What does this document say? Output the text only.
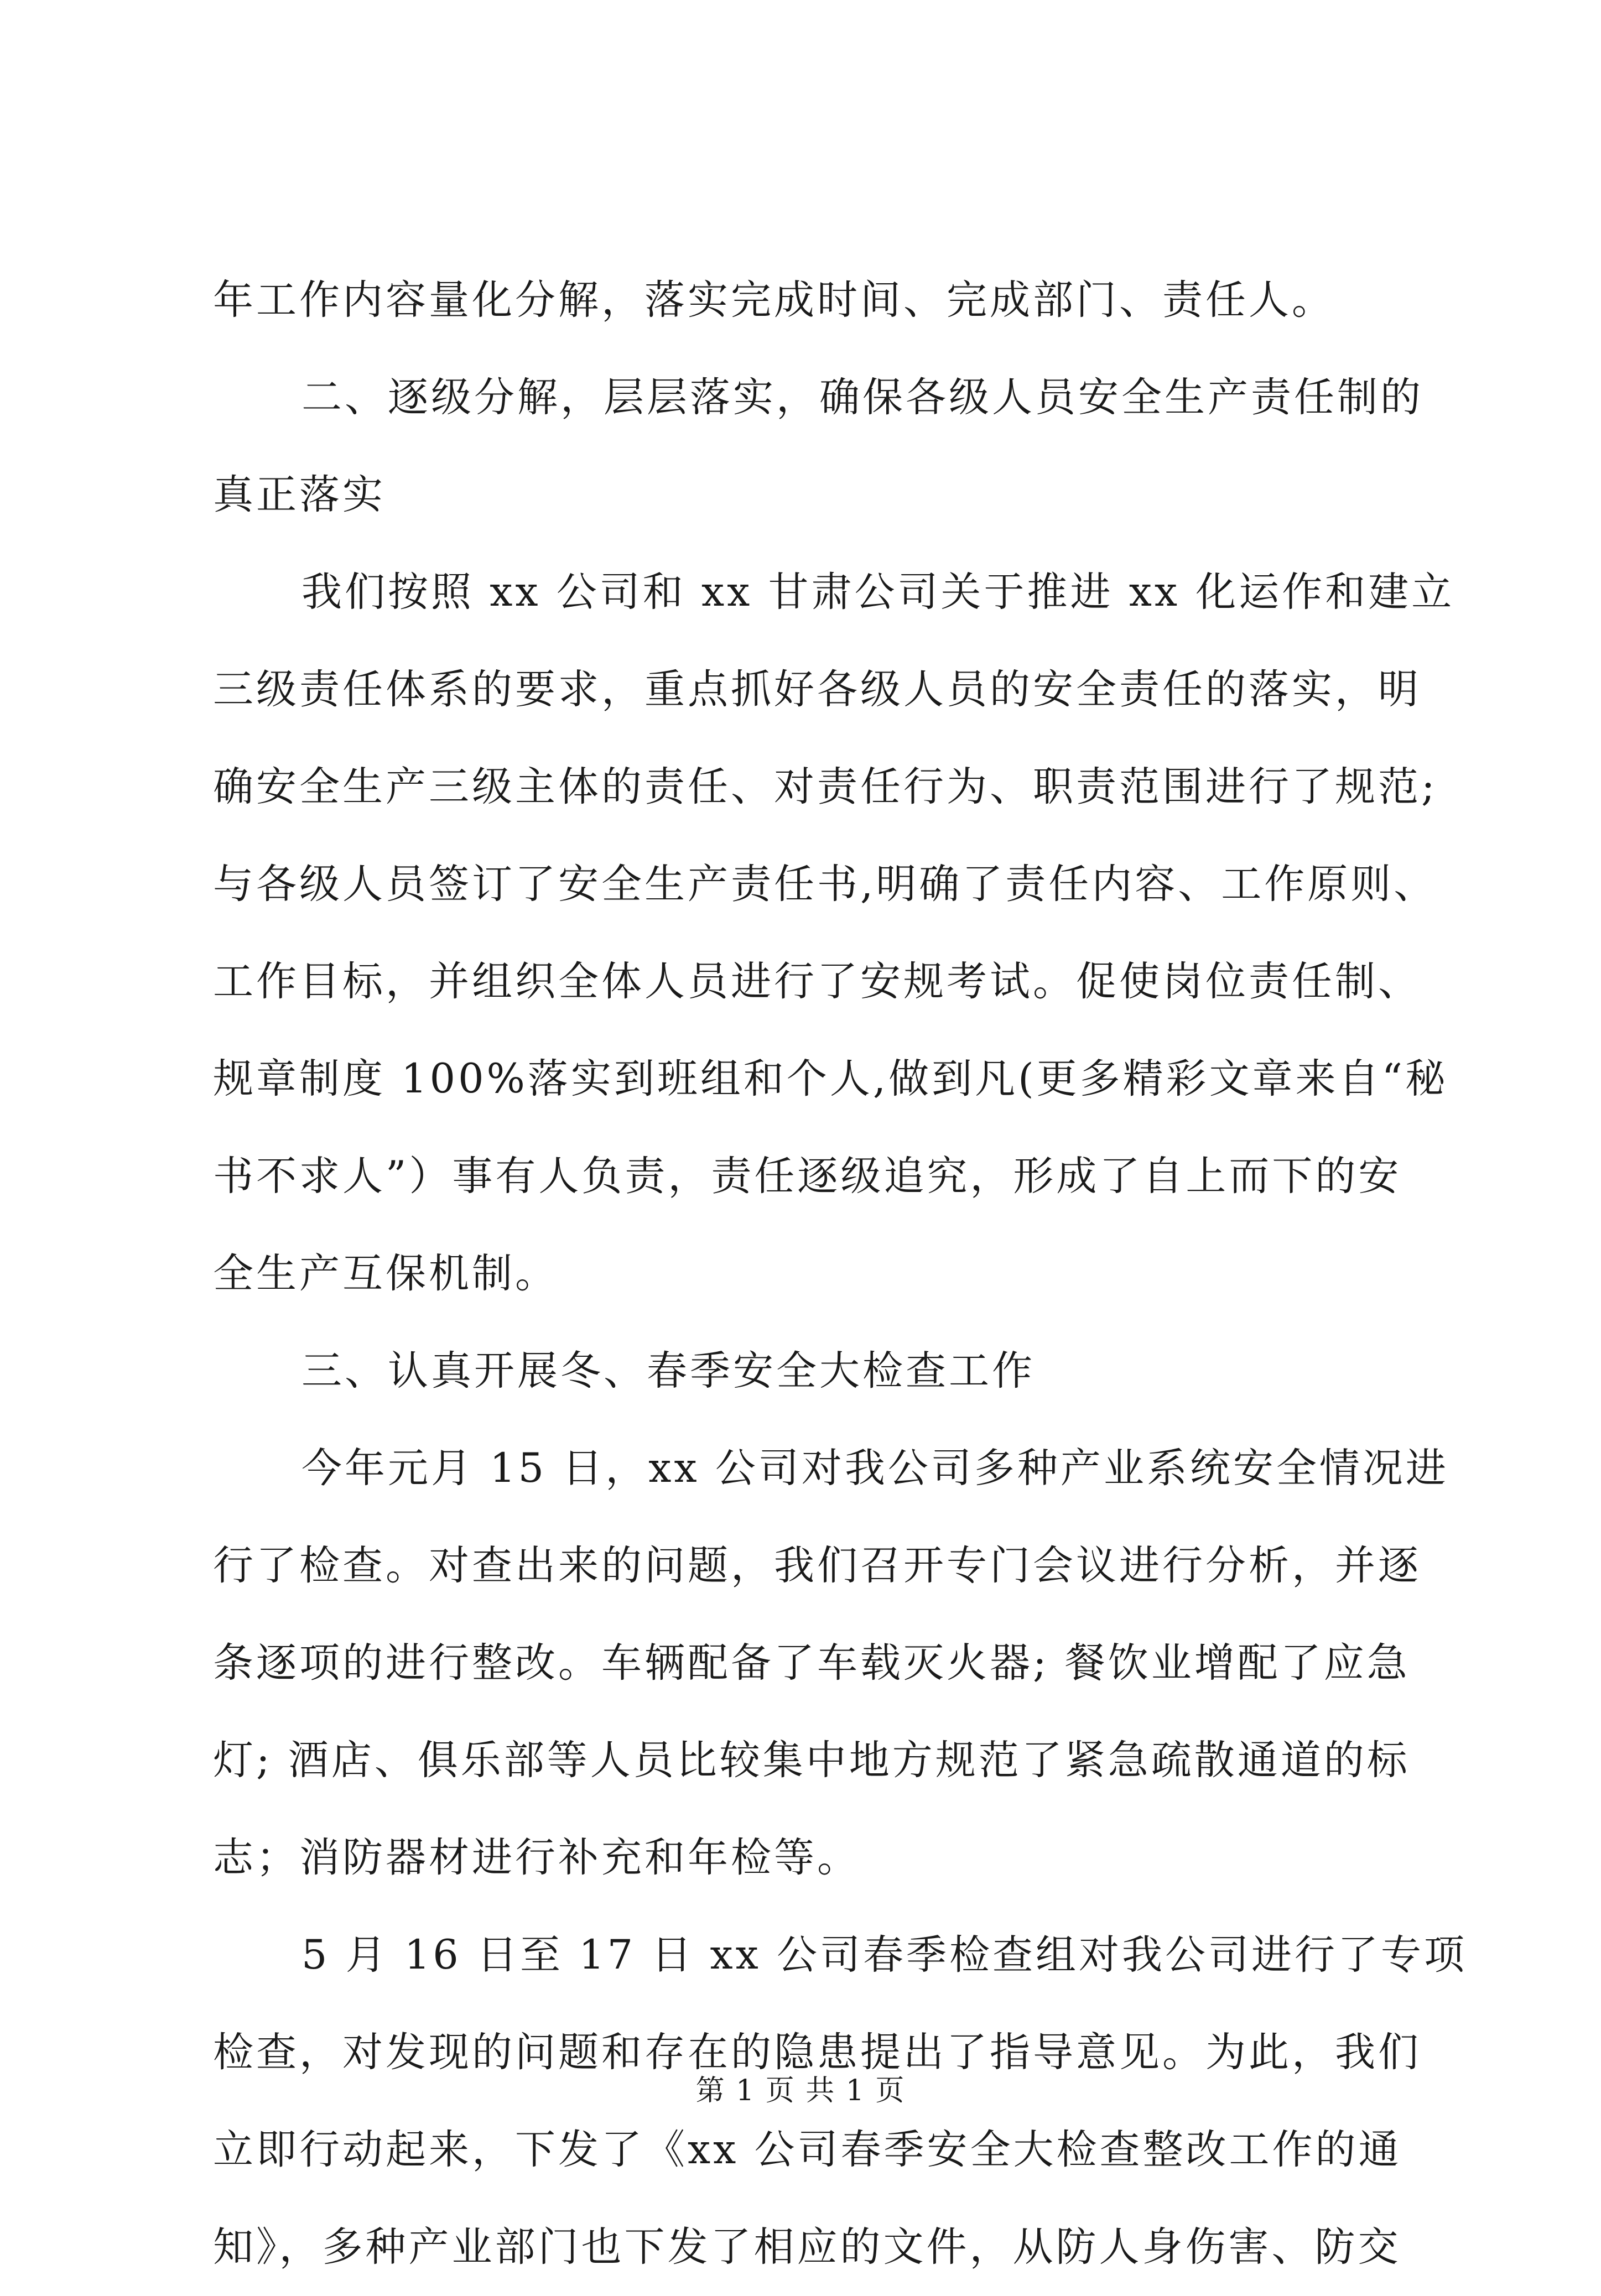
年工作内容量化分解，落实完成时间、完成部门、责任人。
二、逐级分解，层层落实，确保各级人员安全生产责任制的
真正落实
我们按照 xx 公司和 xx 甘肃公司关于推进 xx 化运作和建立
三级责任体系的要求，重点抓好各级人员的安全责任的落实，明
确安全生产三级主体的责任、对责任行为、职责范围进行了规范;
与各级人员签订了安全生产责任书,明确了责任内容、工作原则、
工作目标，并组织全体人员进行了安规考试。促使岗位责任制、
规章制度 100%落实到班组和个人,做到凡(更多精彩文章来自“秘
书不求人”）事有人负责，责任逐级追究，形成了自上而下的安
全生产互保机制。
三、认真开展冬、春季安全大检查工作
今年元月 15 日，xx 公司对我公司多种产业系统安全情况进
行了检查。对查出来的问题，我们召开专门会议进行分析，并逐
条逐项的进行整改。车辆配备了车载灭火器; 餐饮业增配了应急
灯; 酒店、俱乐部等人员比较集中地方规范了紧急疏散通道的标
志；消防器材进行补充和年检等。
5 月 16 日至 17 日 xx 公司春季检查组对我公司进行了专项
检查，对发现的问题和存在的隐患提出了指导意见。为此，我们
立即行动起来，下发了《xx 公司春季安全大检查整改工作的通
知》，多种产业部门也下发了相应的文件，从防人身伤害、防交
第 1 页 共 1 页
